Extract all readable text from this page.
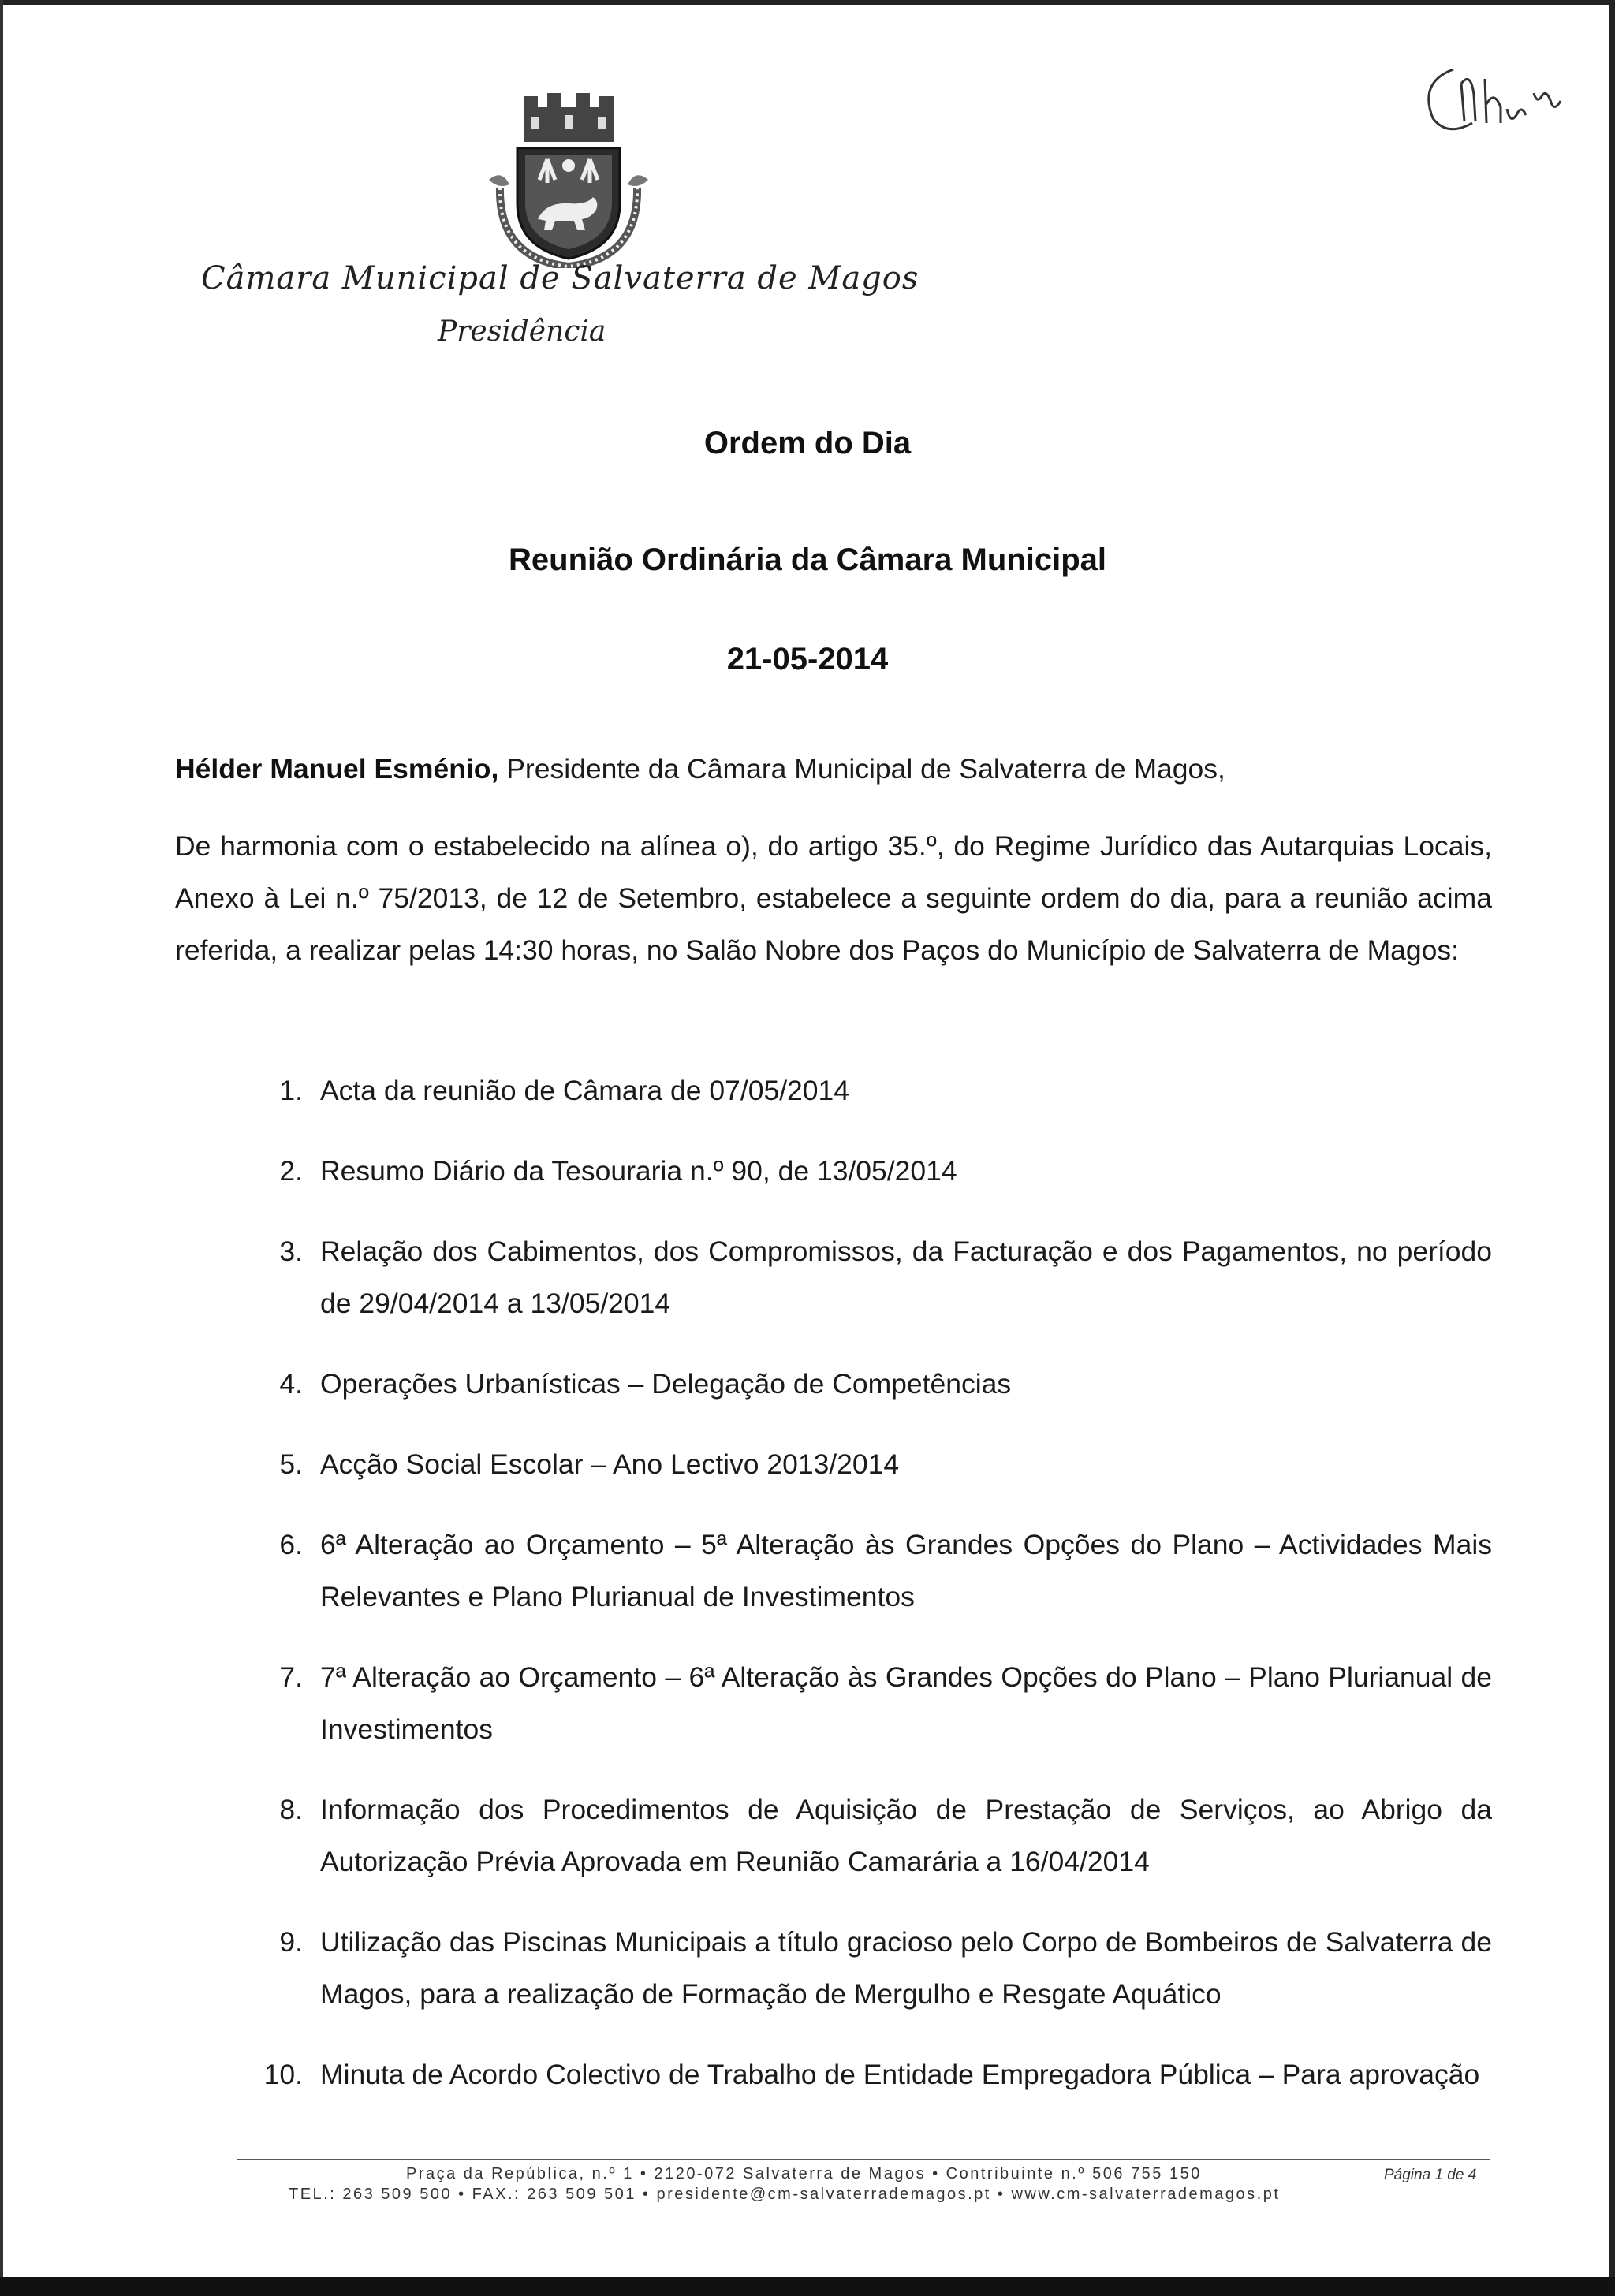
Câmara Municipal de Salvaterra de Magos
Presidência
Ordem do Dia
Reunião Ordinária da Câmara Municipal
21-05-2014
Hélder Manuel Esménio, Presidente da Câmara Municipal de Salvaterra de Magos,
De harmonia com o estabelecido na alínea o), do artigo 35.º, do Regime Jurídico das Autarquias Locais, Anexo à Lei n.º 75/2013, de 12 de Setembro, estabelece a seguinte ordem do dia, para a reunião acima referida, a realizar pelas 14:30 horas, no Salão Nobre dos Paços do Município de Salvaterra de Magos:
1. Acta da reunião de Câmara de 07/05/2014
2. Resumo Diário da Tesouraria n.º 90, de 13/05/2014
3. Relação dos Cabimentos, dos Compromissos, da Facturação e dos Pagamentos, no período de 29/04/2014 a 13/05/2014
4. Operações Urbanísticas – Delegação de Competências
5. Acção Social Escolar – Ano Lectivo 2013/2014
6. 6ª Alteração ao Orçamento – 5ª Alteração às Grandes Opções do Plano – Actividades Mais Relevantes e Plano Plurianual de Investimentos
7. 7ª Alteração ao Orçamento – 6ª Alteração às Grandes Opções do Plano – Plano Plurianual de Investimentos
8. Informação dos Procedimentos de Aquisição de Prestação de Serviços, ao Abrigo da Autorização Prévia Aprovada em Reunião Camarária a 16/04/2014
9. Utilização das Piscinas Municipais a título gracioso pelo Corpo de Bombeiros de Salvaterra de Magos, para a realização de Formação de Mergulho e Resgate Aquático
10. Minuta de Acordo Colectivo de Trabalho de Entidade Empregadora Pública – Para aprovação
Praça da República, n.º 1 • 2120-072 Salvaterra de Magos • Contribuinte n.º 506 755 150	Página 1 de 4
TEL.: 263 509 500 • FAX.: 263 509 501 • presidente@cm-salvaterrademagos.pt • www.cm-salvaterrademagos.pt
